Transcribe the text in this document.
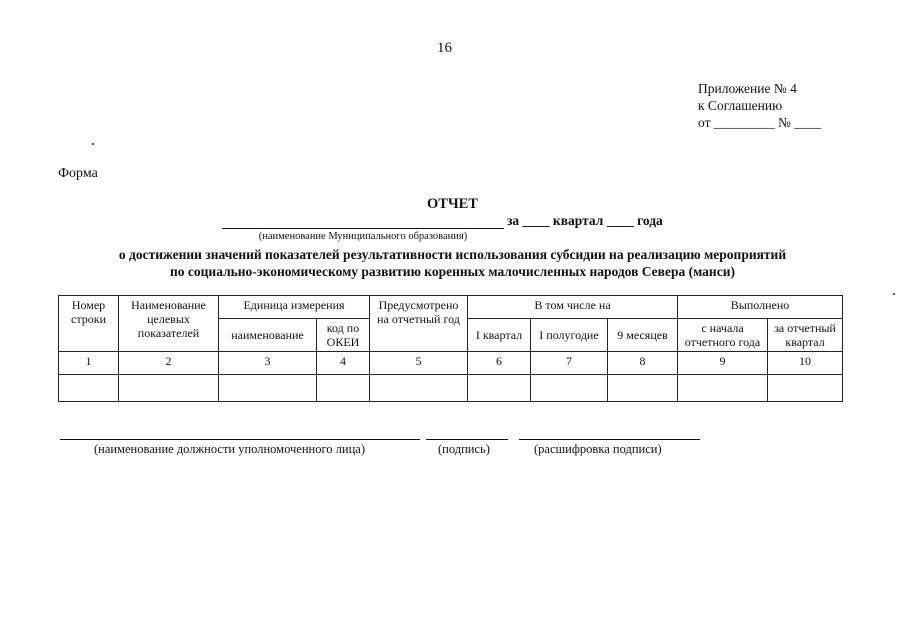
16
Приложение № 4
к Соглашению
от _________ № ____
Форма
ОТЧЕТ
за ____ квартал ____ года
(наименование Муниципального образования)
о достижении значений показателей результативности использования субсидии на реализацию мероприятий
по социально-экономическому развитию коренных малочисленных народов Севера (манси)
Номер строки	Наименование целевых показателей	Единица измерения		Предусмотрено на отчетный год	В том числе на			Выполнено	
		наименование	код по ОКЕИ		I квартал	I полугодие	9 месяцев	с начала отчетного года	за отчетный квартал
1	2	3	4	5	6	7	8	9	10

(наименование должности уполномоченного лица)	(подпись)	(расшифровка подписи)
